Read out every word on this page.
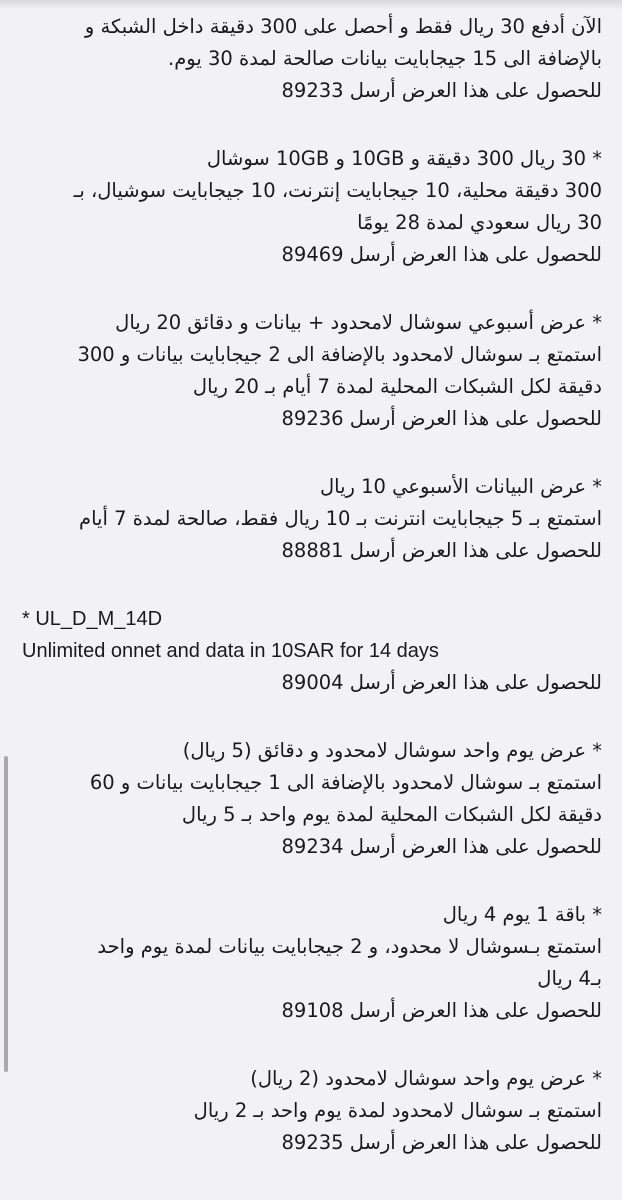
الآن أدفع 30 ريال فقط و أحصل على 300 دقيقة داخل الشبكة و
بالإضافة الى 15 جيجابايت بيانات صالحة لمدة 30 يوم.
للحصول على هذا العرض أرسل 89233
* 30 ريال 300 دقيقة و 10GB و 10GB سوشال
300 دقيقة محلية، 10 جيجابايت إنترنت، 10 جيجابايت سوشيال، بـ
30 ريال سعودي لمدة 28 يومًا
للحصول على هذا العرض أرسل 89469
* عرض أسبوعي سوشال لامحدود + بيانات و دقائق 20 ريال
استمتع بـ سوشال لامحدود بالإضافة الى 2 جيجابايت بيانات و 300
دقيقة لكل الشبكات المحلية لمدة 7 أيام بـ 20 ريال
للحصول على هذا العرض أرسل 89236
* عرض البيانات الأسبوعي 10 ريال
استمتع بـ 5 جيجابايت انترنت بـ 10 ريال فقط، صالحة لمدة 7 أيام
للحصول على هذا العرض أرسل 88881
* UL_D_M_14D
Unlimited onnet and data in 10SAR for 14 days
للحصول على هذا العرض أرسل 89004
* عرض يوم واحد سوشال لامحدود و دقائق (5 ريال)
استمتع بـ سوشال لامحدود بالإضافة الى 1 جيجابايت بيانات و 60
دقيقة لكل الشبكات المحلية لمدة يوم واحد بـ 5 ريال
للحصول على هذا العرض أرسل 89234
* باقة 1 يوم 4 ريال
استمتع بـسوشال لا محدود، و 2 جيجابايت بيانات لمدة يوم واحد
بـ4 ريال
للحصول على هذا العرض أرسل 89108
* عرض يوم واحد سوشال لامحدود (2 ريال)
استمتع بـ سوشال لامحدود لمدة يوم واحد بـ 2 ريال
للحصول على هذا العرض أرسل 89235
